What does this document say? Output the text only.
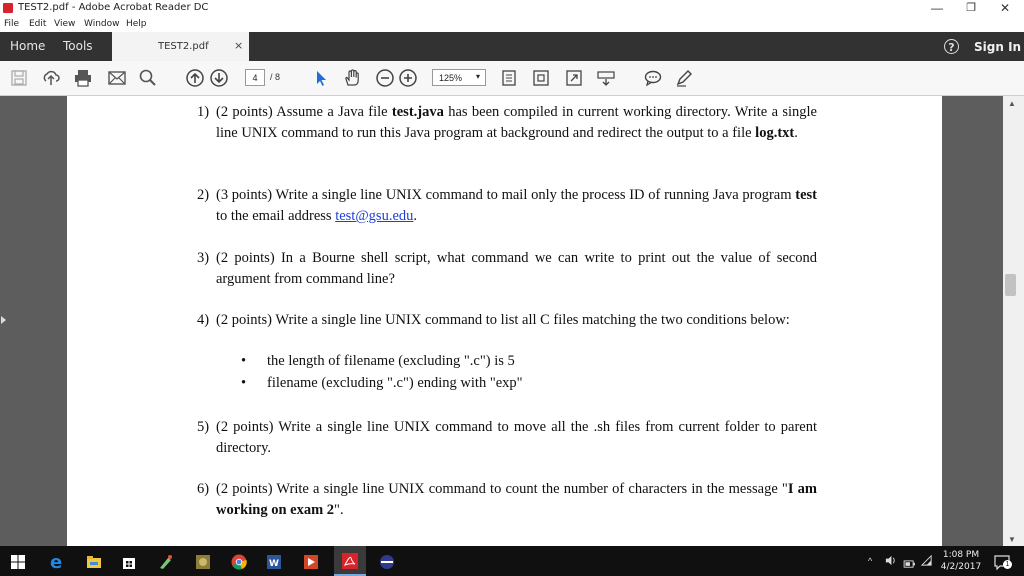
TEST2.pdf - Adobe Acrobat Reader DC	—	❐	✕
File Edit View Window Help
Home Tools	TEST2.pdf ×	?	Sign In
4	/ 8	125% ▾
1) (2 points) Assume a Java file test.java has been compiled in current working directory. Write a single line UNIX command to run this Java program at background and redirect the output to a file log.txt.
2) (3 points) Write a single line UNIX command to mail only the process ID of running Java program test to the email address test@gsu.edu.
3) (2 points) In a Bourne shell script, what command we can write to print out the value of second argument from command line?
4) (2 points) Write a single line UNIX command to list all C files matching the two conditions below:
• the length of filename (excluding ".c") is 5
• filename (excluding ".c") ending with "exp"
5) (2 points) Write a single line UNIX command to move all the .sh files from current folder to parent directory.
6) (2 points) Write a single line UNIX command to count the number of characters in the message "I am working on exam 2".
▲
▼
e	W	^
1:08 PM
4/2/2017	1
